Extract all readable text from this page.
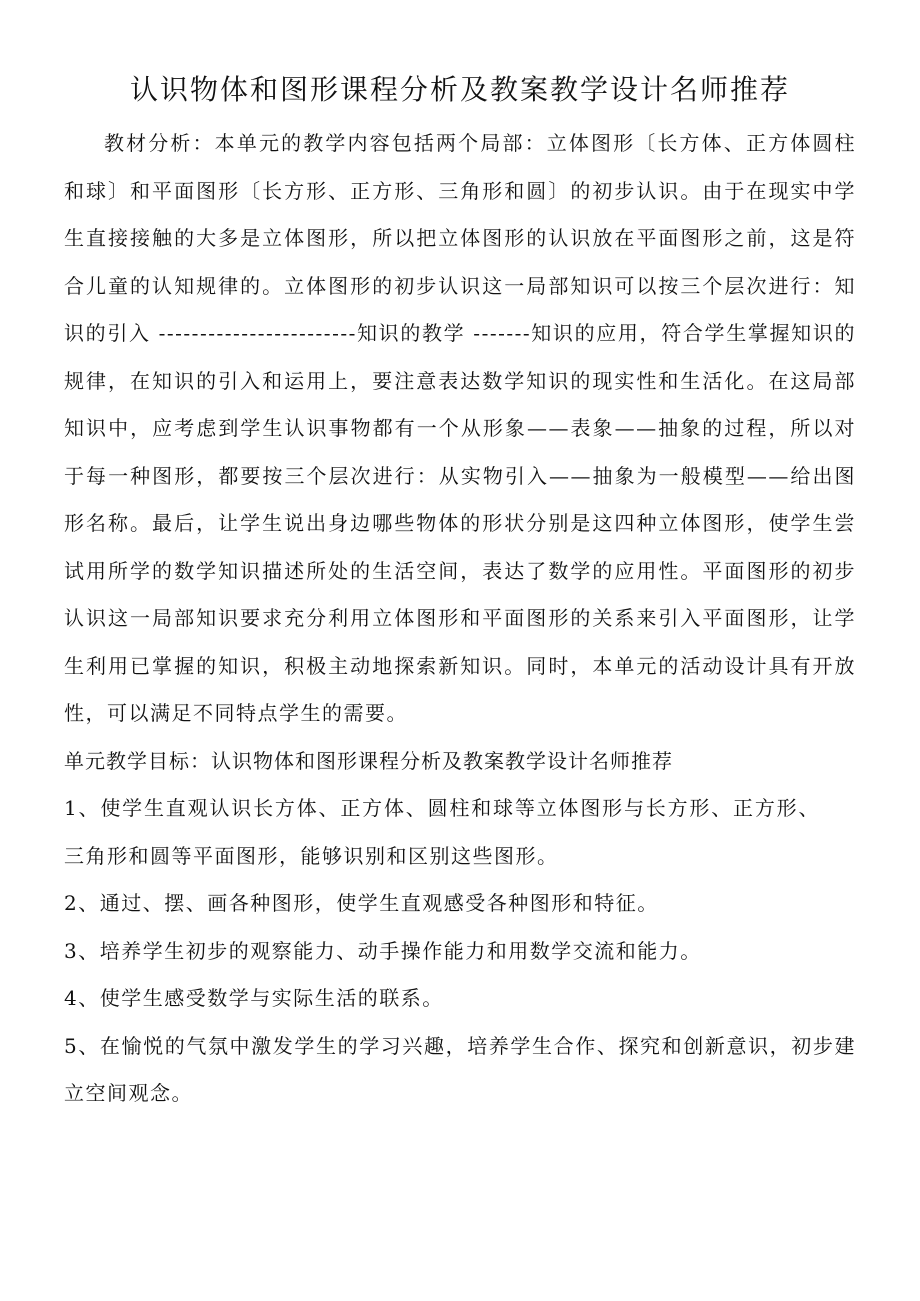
认识物体和图形课程分析及教案教学设计名师推荐

教材分析：本单元的教学内容包括两个局部：立体图形〔长方体、正方体圆柱和球〕和平面图形〔长方形、正方形、三角形和圆〕的初步认识。由于在现实中学生直接接触的大多是立体图形，所以把立体图形的认识放在平面图形之前，这是符合儿童的认知规律的。立体图形的初步认识这一局部知识可以按三个层次进行：知识的引入 ------------------------知识的教学 -------知识的应用，符合学生掌握知识的规律，在知识的引入和运用上，要注意表达数学知识的现实性和生活化。在这局部知识中，应考虑到学生认识事物都有一个从形象——表象——抽象的过程，所以对于每一种图形，都要按三个层次进行：从实物引入——抽象为一般模型——给出图形名称。最后，让学生说出身边哪些物体的形状分别是这四种立体图形，使学生尝试用所学的数学知识描述所处的生活空间，表达了数学的应用性。平面图形的初步认识这一局部知识要求充分利用立体图形和平面图形的关系来引入平面图形，让学生利用已掌握的知识，积极主动地探索新知识。同时，本单元的活动设计具有开放性，可以满足不同特点学生的需要。

单元教学目标：认识物体和图形课程分析及教案教学设计名师推荐

1、使学生直观认识长方体、正方体、圆柱和球等立体图形与长方形、正方形、三角形和圆等平面图形，能够识别和区别这些图形。

2、通过、摆、画各种图形，使学生直观感受各种图形和特征。

3、培养学生初步的观察能力、动手操作能力和用数学交流和能力。

4、使学生感受数学与实际生活的联系。

5、在愉悦的气氛中激发学生的学习兴趣，培养学生合作、探究和创新意识，初步建立空间观念。
